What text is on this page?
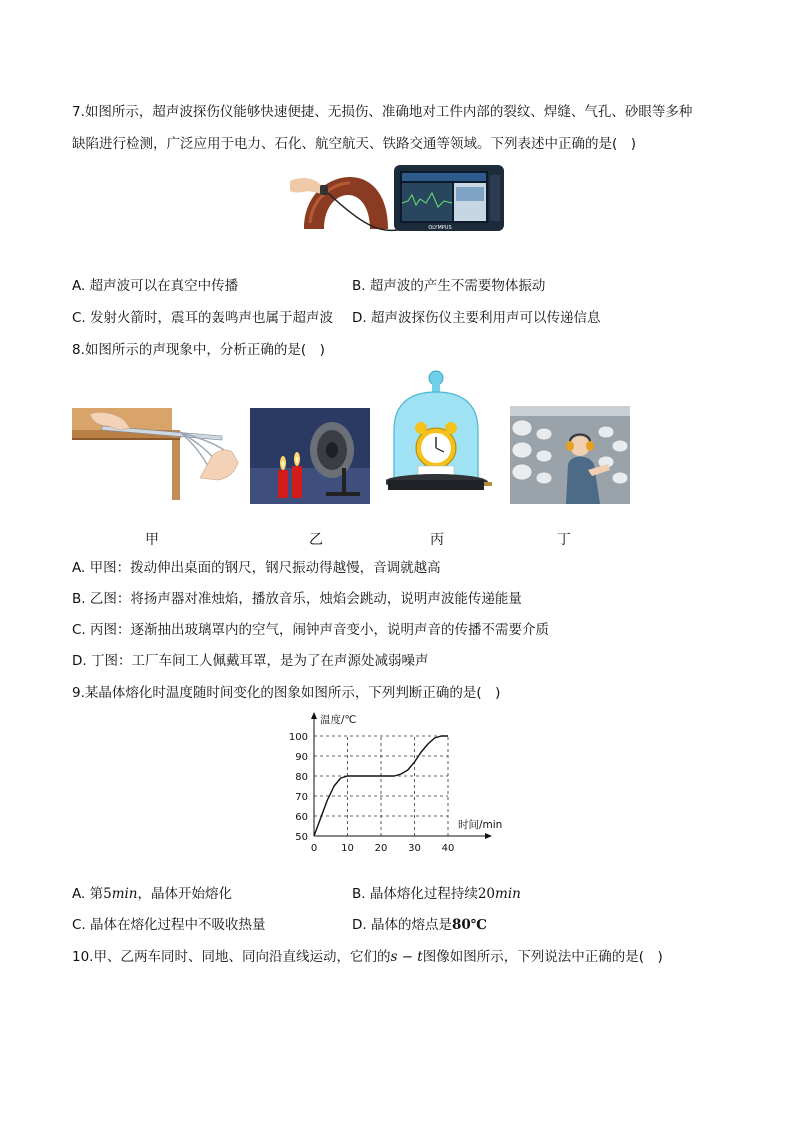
7.如图所示，超声波探伤仪能够快速便捷、无损伤、准确地对工件内部的裂纹、焊缝、气孔、砂眼等多种
缺陷进行检测，广泛应用于电力、石化、航空航天、铁路交通等领域。下列表述中正确的是(　)
OLYMPUS
A. 超声波可以在真空中传播	B. 超声波的产生不需要物体振动
C. 发射火箭时，震耳的轰鸣声也属于超声波 D. 超声波探伤仪主要利用声可以传递信息
8.如图所示的声现象中，分析正确的是(　)
甲	乙	丙	丁
A. 甲图：拨动伸出桌面的钢尺，钢尺振动得越慢，音调就越高
B. 乙图：将扬声器对准烛焰，播放音乐，烛焰会跳动，说明声波能传递能量
C. 丙图：逐渐抽出玻璃罩内的空气，闹钟声音变小，说明声音的传播不需要介质
D. 丁图：工厂车间工人佩戴耳罩，是为了在声源处减弱噪声
9.某晶体熔化时温度随时间变化的图象如图所示，下列判断正确的是(　)
0 10 20 30 40
50
60
70
80
90
100
温度/℃
时间/min
A. 第5min，晶体开始熔化	B. 晶体熔化过程持续20min
C. 晶体在熔化过程中不吸收热量	D. 晶体的熔点是80℃
10.甲、乙两车同时、同地、同向沿直线运动，它们的s − t图像如图所示，下列说法中正确的是(　)
